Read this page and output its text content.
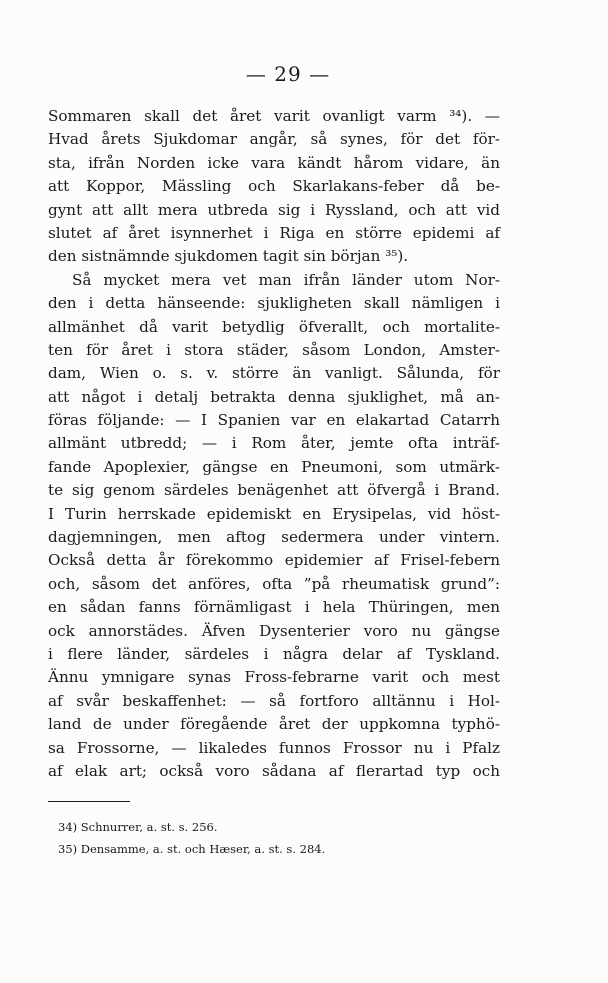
— 29 —
Sommaren skall det året varit ovanligt varm ³⁴). —
Hvad årets Sjukdomar angår, så synes, för det för-
sta, ifrån Norden icke vara kändt hårom vidare, än
att Koppor, Mässling och Skarlakans-feber då be-
gynt att allt mera utbreda sig i Ryssland, och att vid
slutet af året isynnerhet i Riga en större epidemi af
den sistnämnde sjukdomen tagit sin början ³⁵).
Så mycket mera vet man ifrån länder utom Nor-
den i detta hänseende: sjukligheten skall nämligen i
allmänhet då varit betydlig öfverallt, och mortalite-
ten för året i stora städer, såsom London, Amster-
dam, Wien o. s. v. större än vanligt. Sålunda, för
att något i detalj betrakta denna sjuklighet, må an-
föras följande: — I Spanien var en elakartad Catarrh
allmänt utbredd; — i Rom åter, jemte ofta inträf-
fande Apoplexier, gängse en Pneumoni, som utmärk-
te sig genom särdeles benägenhet att öfvergå i Brand.
I Turin herrskade epidemiskt en Erysipelas, vid höst-
dagjemningen, men aftog sedermera under vintern.
Också detta år förekommo epidemier af Frisel-febern
och, såsom det anföres, ofta ”på rheumatisk grund”:
en sådan fanns förnämligast i hela Thüringen, men
ock annorstädes. Äfven Dysenterier voro nu gängse
i flere länder, särdeles i några delar af Tyskland.
Ännu ymnigare synas Fross-febrarne varit och mest
af svår beskaffenhet: — så fortforo alltännu i Hol-
land de under föregående året der uppkomna typhö-
sa Frossorne, — likaledes funnos Frossor nu i Pfalz
af elak art; också voro sådana af flerartad typ och
34) Schnurrer, a. st. s. 256.
35) Densamme, a. st. och Hæser, a. st. s. 284.
